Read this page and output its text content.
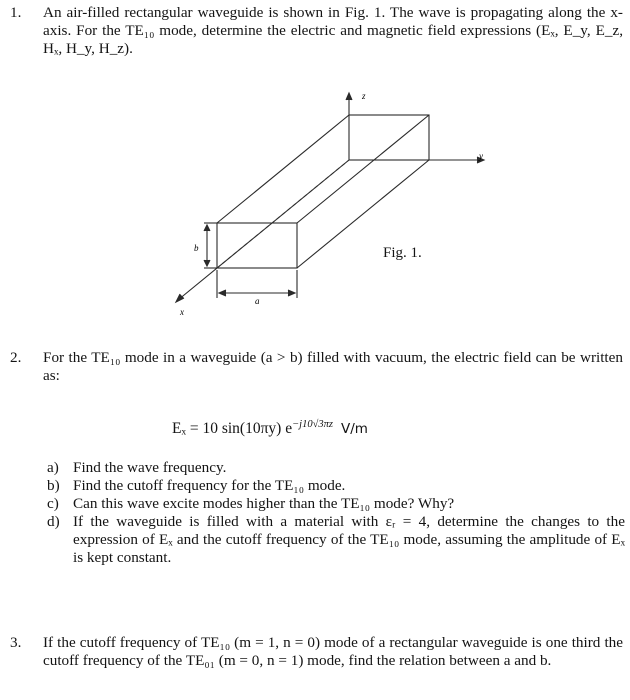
1. An air-filled rectangular waveguide is shown in Fig. 1. The wave is propagating along the x-axis. For the TE₁₀ mode, determine the electric and magnetic field expressions (Eₓ, E_y, E_z, Hₓ, H_y, H_z).
z
y
x
b
a
Fig. 1.
2. For the TE₁₀ mode in a waveguide (a > b) filled with vacuum, the electric field can be written as:
Eₓ = 10 sin(10πy) $e^{-j10√3\pi z}$ V/m
a) Find the wave frequency.
b) Find the cutoff frequency for the TE₁₀ mode.
c) Can this wave excite modes higher than the TE₁₀ mode? Why?
d) If the waveguide is filled with a material with εᵣ = 4, determine the changes to the expression of Eₓ and the cutoff frequency of the TE₁₀ mode, assuming the amplitude of Eₓ is kept constant.
3. If the cutoff frequency of TE₁₀ (m = 1, n = 0) mode of a rectangular waveguide is one third the cutoff frequency of the TE₀₁ (m = 0, n = 1) mode, find the relation between a and b.
